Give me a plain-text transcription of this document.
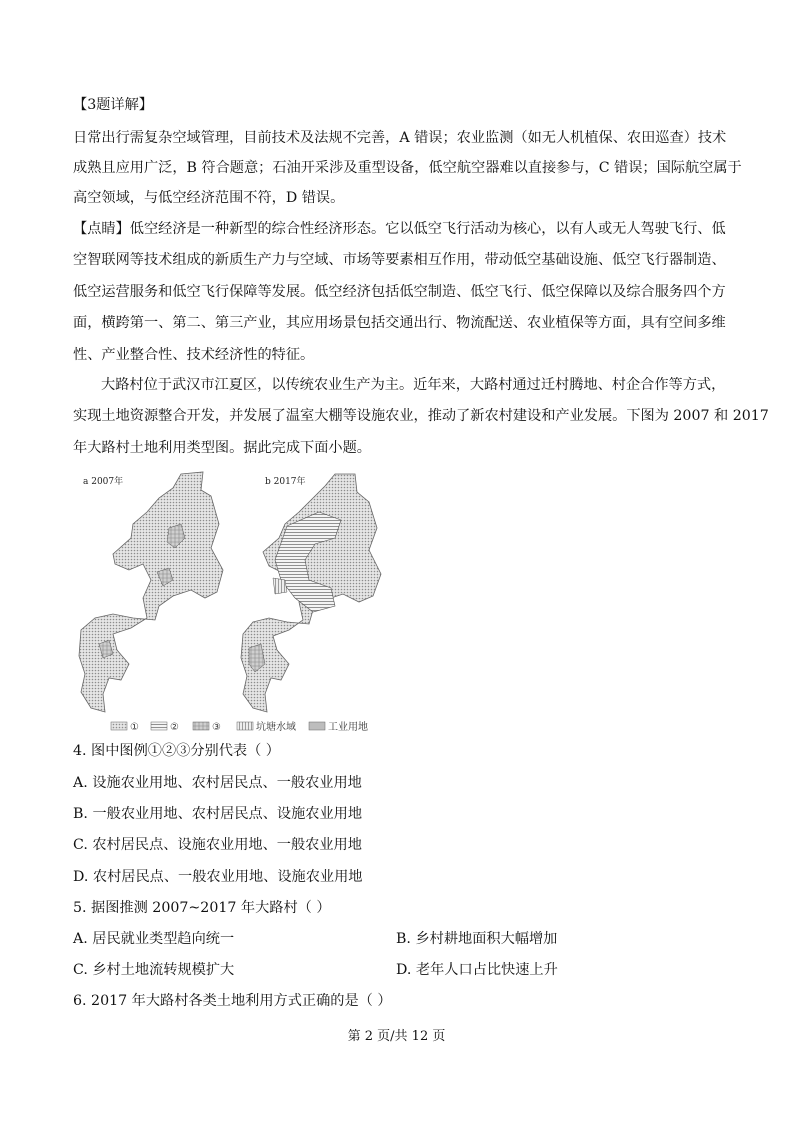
【3题详解】
日常出行需复杂空域管理，目前技术及法规不完善，A 错误；农业监测（如无人机植保、农田巡查）技术
成熟且应用广泛，B 符合题意；石油开采涉及重型设备，低空航空器难以直接参与，C 错误；国际航空属于
高空领域，与低空经济范围不符，D 错误。
【点睛】低空经济是一种新型的综合性经济形态。它以低空飞行活动为核心，以有人或无人驾驶飞行、低
空智联网等技术组成的新质生产力与空域、市场等要素相互作用，带动低空基础设施、低空飞行器制造、
低空运营服务和低空飞行保障等发展。低空经济包括低空制造、低空飞行、低空保障以及综合服务四个方
面，横跨第一、第二、第三产业，其应用场景包括交通出行、物流配送、农业植保等方面，具有空间多维
性、产业整合性、技术经济性的特征。
大路村位于武汉市江夏区，以传统农业生产为主。近年来，大路村通过迁村腾地、村企合作等方式，
实现土地资源整合开发，并发展了温室大棚等设施农业，推动了新农村建设和产业发展。下图为 2007 和 2017
年大路村土地利用类型图。据此完成下面小题。
a 2007年	b 2017年
①	②	③	坑塘水域	工业用地
4. 图中图例①②③分别代表（ ）
A. 设施农业用地、农村居民点、一般农业用地
B. 一般农业用地、农村居民点、设施农业用地
C. 农村居民点、设施农业用地、一般农业用地
D. 农村居民点、一般农业用地、设施农业用地
5. 据图推测 2007~2017 年大路村（ ）
A. 居民就业类型趋向统一	B. 乡村耕地面积大幅增加
C. 乡村土地流转规模扩大	D. 老年人口占比快速上升
6. 2017 年大路村各类土地利用方式正确的是（ ）
第 2 页/共 12 页
